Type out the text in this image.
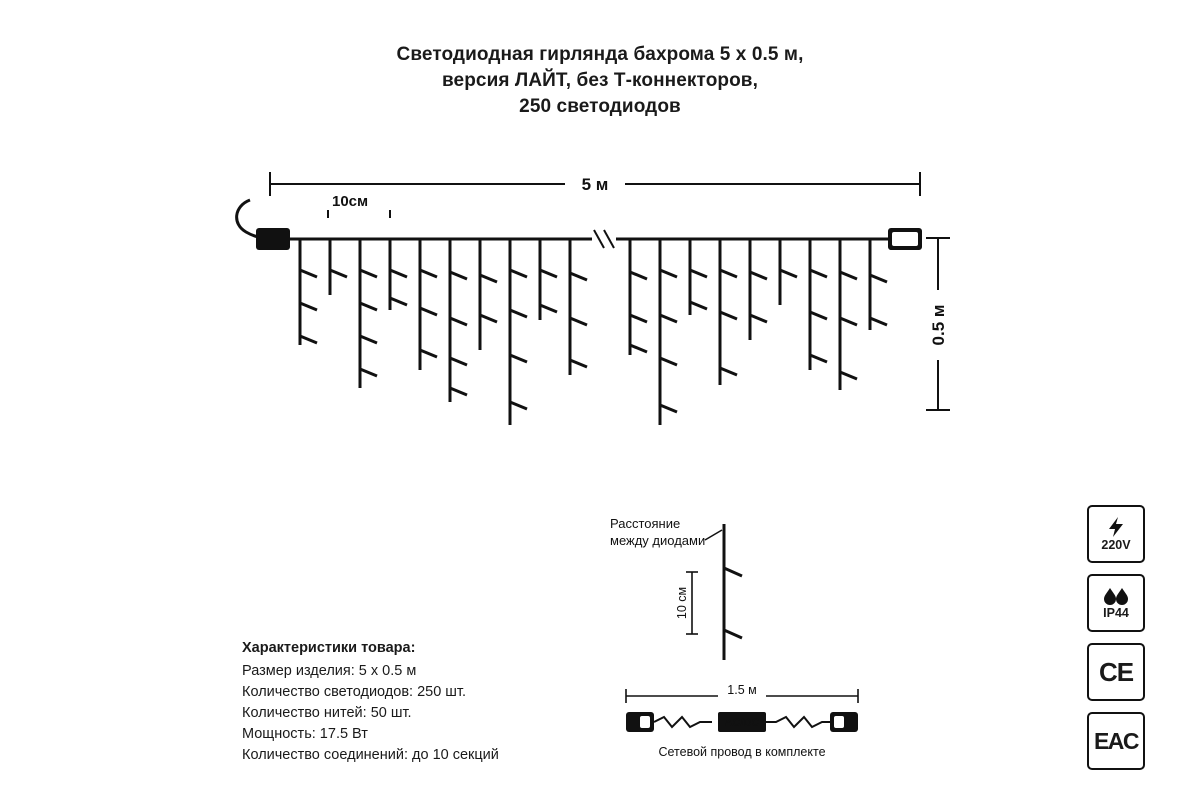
Светодиодная гирлянда бахрома 5 x 0.5 м,
версия ЛАЙТ, без Т-коннекторов,
250 светодиодов
5 м
10см
0.5 м
Расстояние
между диодами
10 см
1.5 м
AC/DC
Сетевой провод в комплекте
Характеристики товара:
Размер изделия: 5 x 0.5 м
Количество светодиодов: 250 шт.
Количество нитей: 50 шт.
Мощность: 17.5 Вт
Количество соединений: до 10 секций
220V
IP44
CE
EAC
